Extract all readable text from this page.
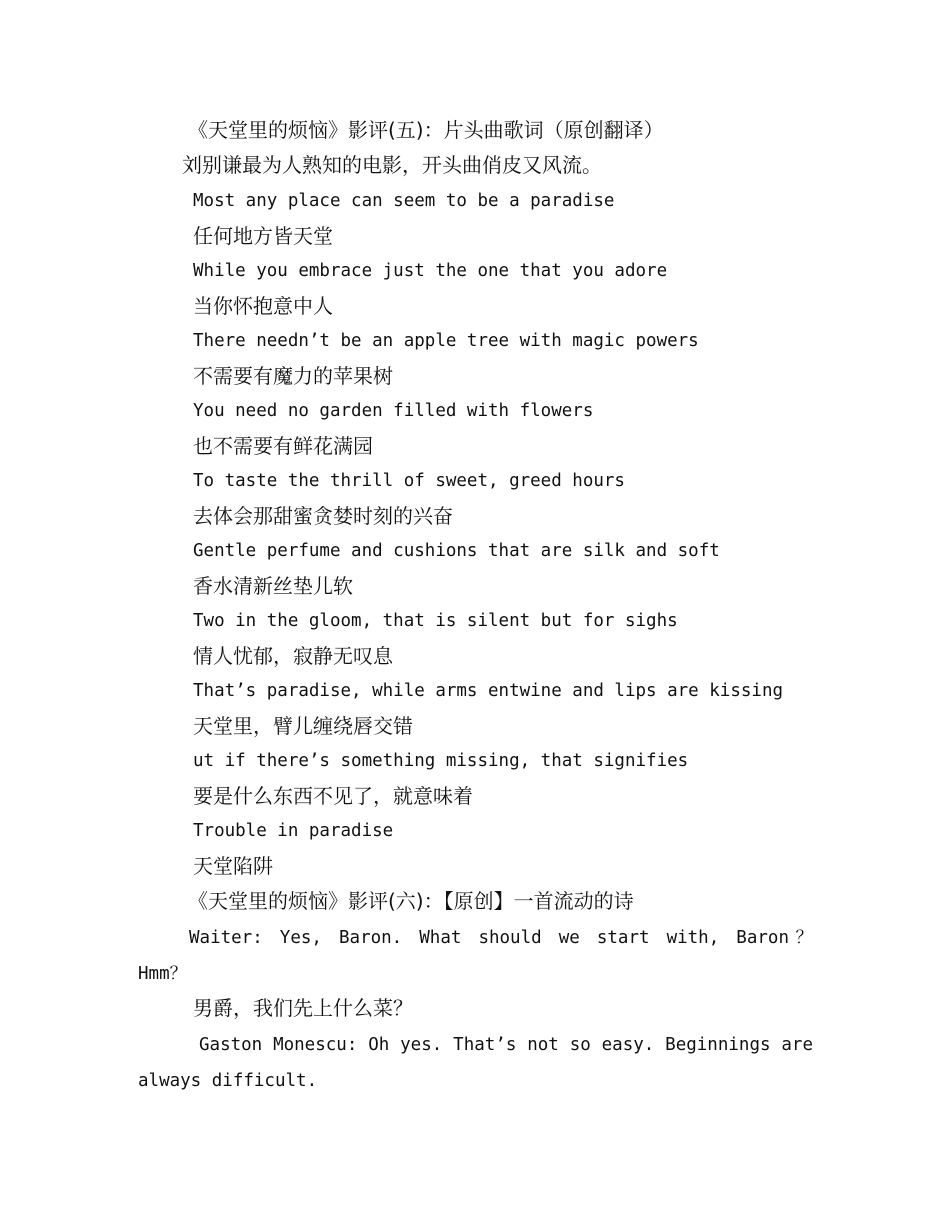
《天堂里的烦恼》影评(五)：片头曲歌词（原创翻译）
刘别谦最为人熟知的电影，开头曲俏皮又风流。
Most any place can seem to be a paradise
任何地方皆天堂
While you embrace just the one that you adore
当你怀抱意中人
There needn’t be an apple tree with magic powers
不需要有魔力的苹果树
You need no garden filled with flowers
也不需要有鲜花满园
To taste the thrill of sweet, greed hours
去体会那甜蜜贪婪时刻的兴奋
Gentle perfume and cushions that are silk and soft
香水清新丝垫儿软
Two in the gloom, that is silent but for sighs
情人忧郁，寂静无叹息
That’s paradise, while arms entwine and lips are kissing
天堂里，臂儿缠绕唇交错
ut if there’s something missing, that signifies
要是什么东西不见了，就意味着
Trouble in paradise
天堂陷阱
《天堂里的烦恼》影评(六)：【原创】一首流动的诗
Waiter: Yes, Baron. What should we start with, Baron？ Hmm？
男爵，我们先上什么菜？
Gaston Monescu: Oh yes. That’s not so easy. Beginnings are always difficult.
